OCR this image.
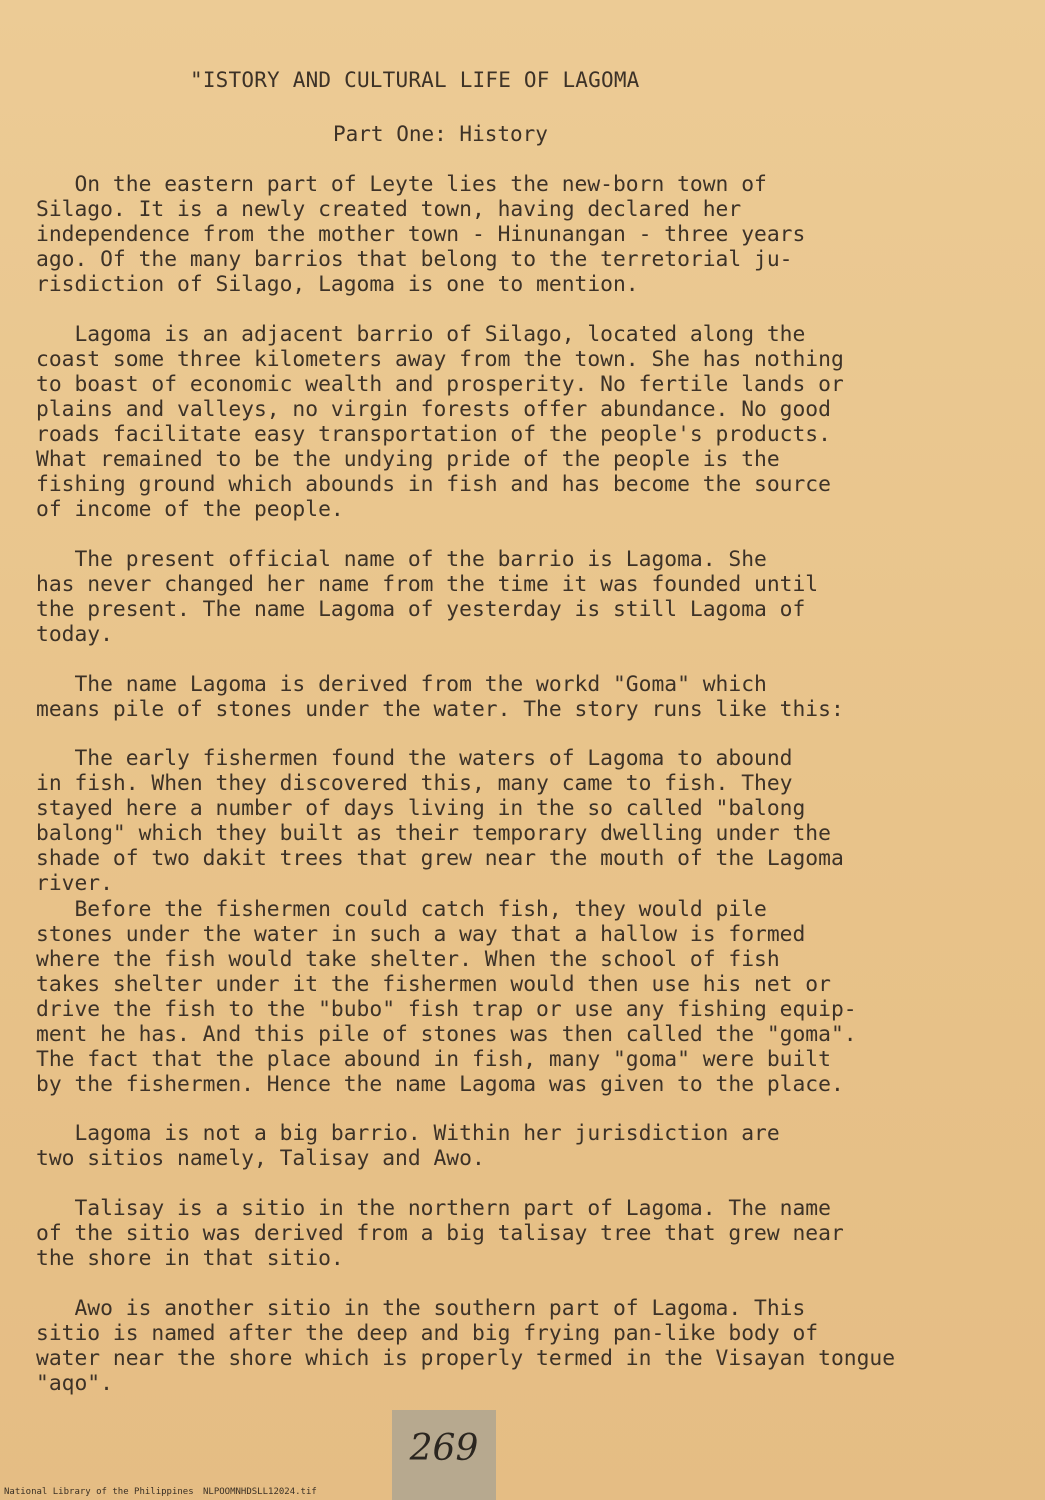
"ISTORY AND CULTURAL LIFE OF LAGOMA
Part One: History
On the eastern part of Leyte lies the new-born town of
Silago. It is a newly created town, having declared her
independence from the mother town - Hinunangan - three years
ago. Of the many barrios that belong to the terretorial ju-
risdiction of Silago, Lagoma is one to mention.
Lagoma is an adjacent barrio of Silago, located along the
coast some three kilometers away from the town. She has nothing
to boast of economic wealth and prosperity. No fertile lands or
plains and valleys, no virgin forests offer abundance. No good
roads facilitate easy transportation of the people's products.
What remained to be the undying pride of the people is the
fishing ground which abounds in fish and has become the source
of income of the people.
The present official name of the barrio is Lagoma. She
has never changed her name from the time it was founded until
the present. The name Lagoma of yesterday is still Lagoma of
today.
The name Lagoma is derived from the workd "Goma" which
means pile of stones under the water. The story runs like this:
The early fishermen found the waters of Lagoma to abound
in fish. When they discovered this, many came to fish. They
stayed here a number of days living in the so called "balong
balong" which they built as their temporary dwelling under the
shade of two dakit trees that grew near the mouth of the Lagoma
river.
Before the fishermen could catch fish, they would pile
stones under the water in such a way that a hallow is formed
where the fish would take shelter. When the school of fish
takes shelter under it the fishermen would then use his net or
drive the fish to the "bubo" fish trap or use any fishing equip-
ment he has. And this pile of stones was then called the "goma".
The fact that the place abound in fish, many "goma" were built
by the fishermen. Hence the name Lagoma was given to the place.
Lagoma is not a big barrio. Within her jurisdiction are
two sitios namely, Talisay and Awo.
Talisay is a sitio in the northern part of Lagoma. The name
of the sitio was derived from a big talisay tree that grew near
the shore in that sitio.
Awo is another sitio in the southern part of Lagoma. This
sitio is named after the deep and big frying pan-like body of
water near the shore which is properly termed in the Visayan tongue
"aqo".
269
National Library of the Philippines NLPOOMNHDSLL12024.tif
